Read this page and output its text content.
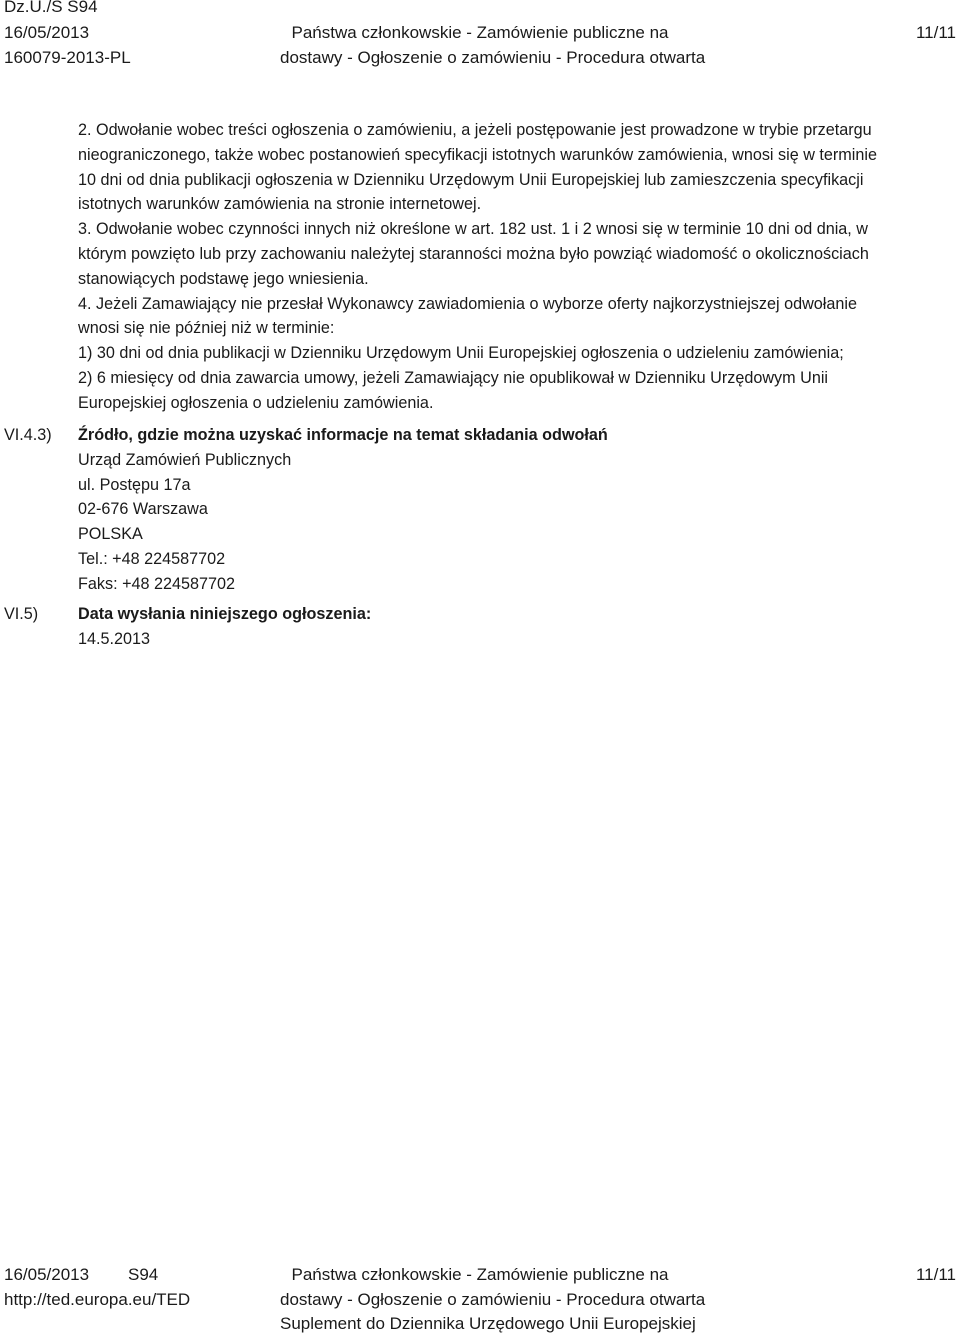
Dz.U./S S94
16/05/2013
160079-2013-PL
Państwa członkowskie - Zamówienie publiczne na
dostawy - Ogłoszenie o zamówieniu - Procedura otwarta
11/11
2. Odwołanie wobec treści ogłoszenia o zamówieniu, a jeżeli postępowanie jest prowadzone w trybie przetargu
nieograniczonego, także wobec postanowień specyfikacji istotnych warunków zamówienia, wnosi się w terminie
10 dni od dnia publikacji ogłoszenia w Dzienniku Urzędowym Unii Europejskiej lub zamieszczenia specyfikacji
istotnych warunków zamówienia na stronie internetowej.
3. Odwołanie wobec czynności innych niż określone w art. 182 ust. 1 i 2 wnosi się w terminie 10 dni od dnia, w
którym powzięto lub przy zachowaniu należytej staranności można było powziąć wiadomość o okolicznościach
stanowiących podstawę jego wniesienia.
4. Jeżeli Zamawiający nie przesłał Wykonawcy zawiadomienia o wyborze oferty najkorzystniejszej odwołanie
wnosi się nie później niż w terminie:
1) 30 dni od dnia publikacji w Dzienniku Urzędowym Unii Europejskiej ogłoszenia o udzieleniu zamówienia;
2) 6 miesięcy od dnia zawarcia umowy, jeżeli Zamawiający nie opublikował w Dzienniku Urzędowym Unii
Europejskiej ogłoszenia o udzieleniu zamówienia.
VI.4.3) Źródło, gdzie można uzyskać informacje na temat składania odwołań
Urząd Zamówień Publicznych
ul. Postępu 17a
02-676 Warszawa
POLSKA
Tel.: +48 224587702
Faks: +48 224587702
VI.5) Data wysłania niniejszego ogłoszenia:
14.5.2013
16/05/2013 S94
http://ted.europa.eu/TED
Państwa członkowskie - Zamówienie publiczne na
dostawy - Ogłoszenie o zamówieniu - Procedura otwarta
Suplement do Dziennika Urzędowego Unii Europejskiej
11/11
